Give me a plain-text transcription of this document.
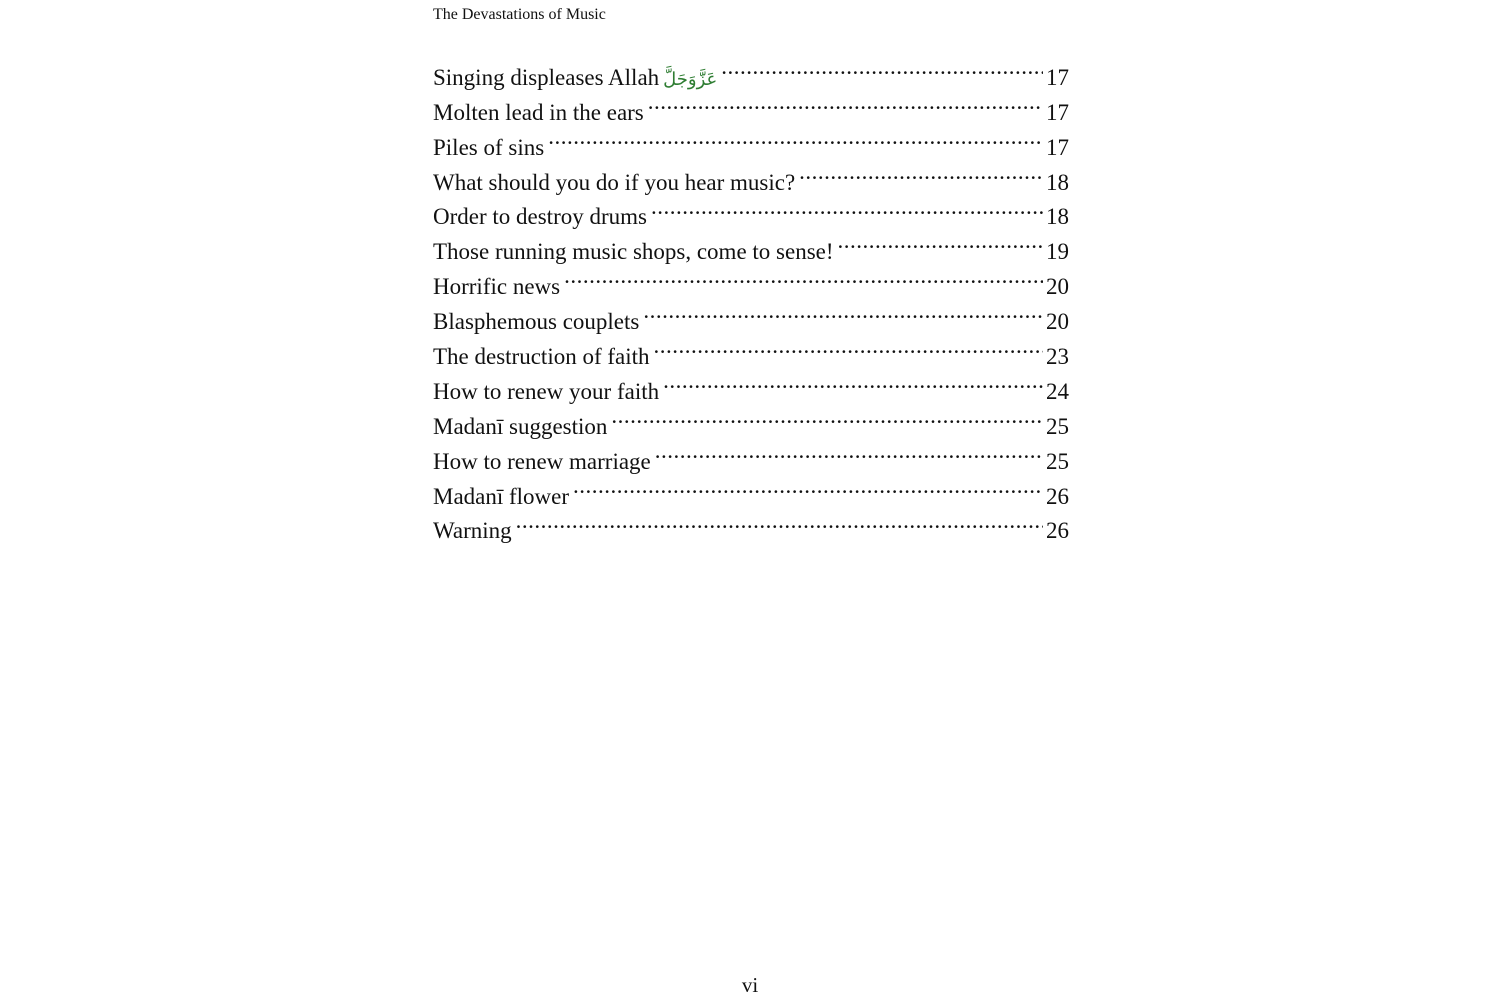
The Devastations of Music
Singing displeases Allah عَزَّوَجَلَّ .....	17
Molten lead in the ears .....	17
Piles of sins .....	17
What should you do if you hear music? .....	18
Order to destroy drums .....	18
Those running music shops, come to sense! .....	19
Horrific news .....	20
Blasphemous couplets .....	20
The destruction of faith .....	23
How to renew your faith .....	24
Madanī suggestion .....	25
How to renew marriage .....	25
Madanī flower .....	26
Warning .....	26
vi
